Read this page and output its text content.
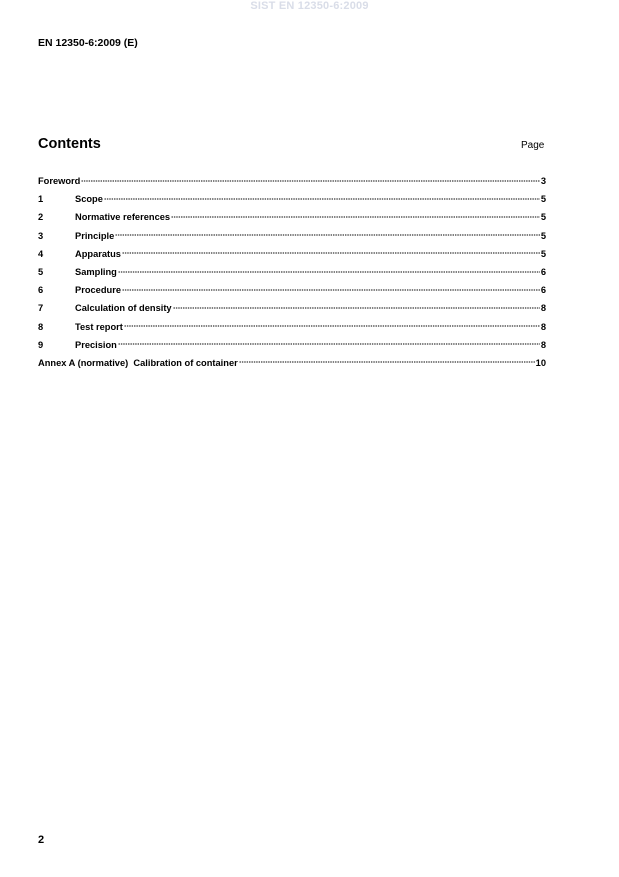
SIST EN 12350-6:2009
EN 12350-6:2009 (E)
Contents	Page
Foreword	3
1	Scope	5
2	Normative references	5
3	Principle	5
4	Apparatus	5
5	Sampling	6
6	Procedure	6
7	Calculation of density	8
8	Test report	8
9	Precision	8
Annex A (normative)  Calibration of container	10
2
